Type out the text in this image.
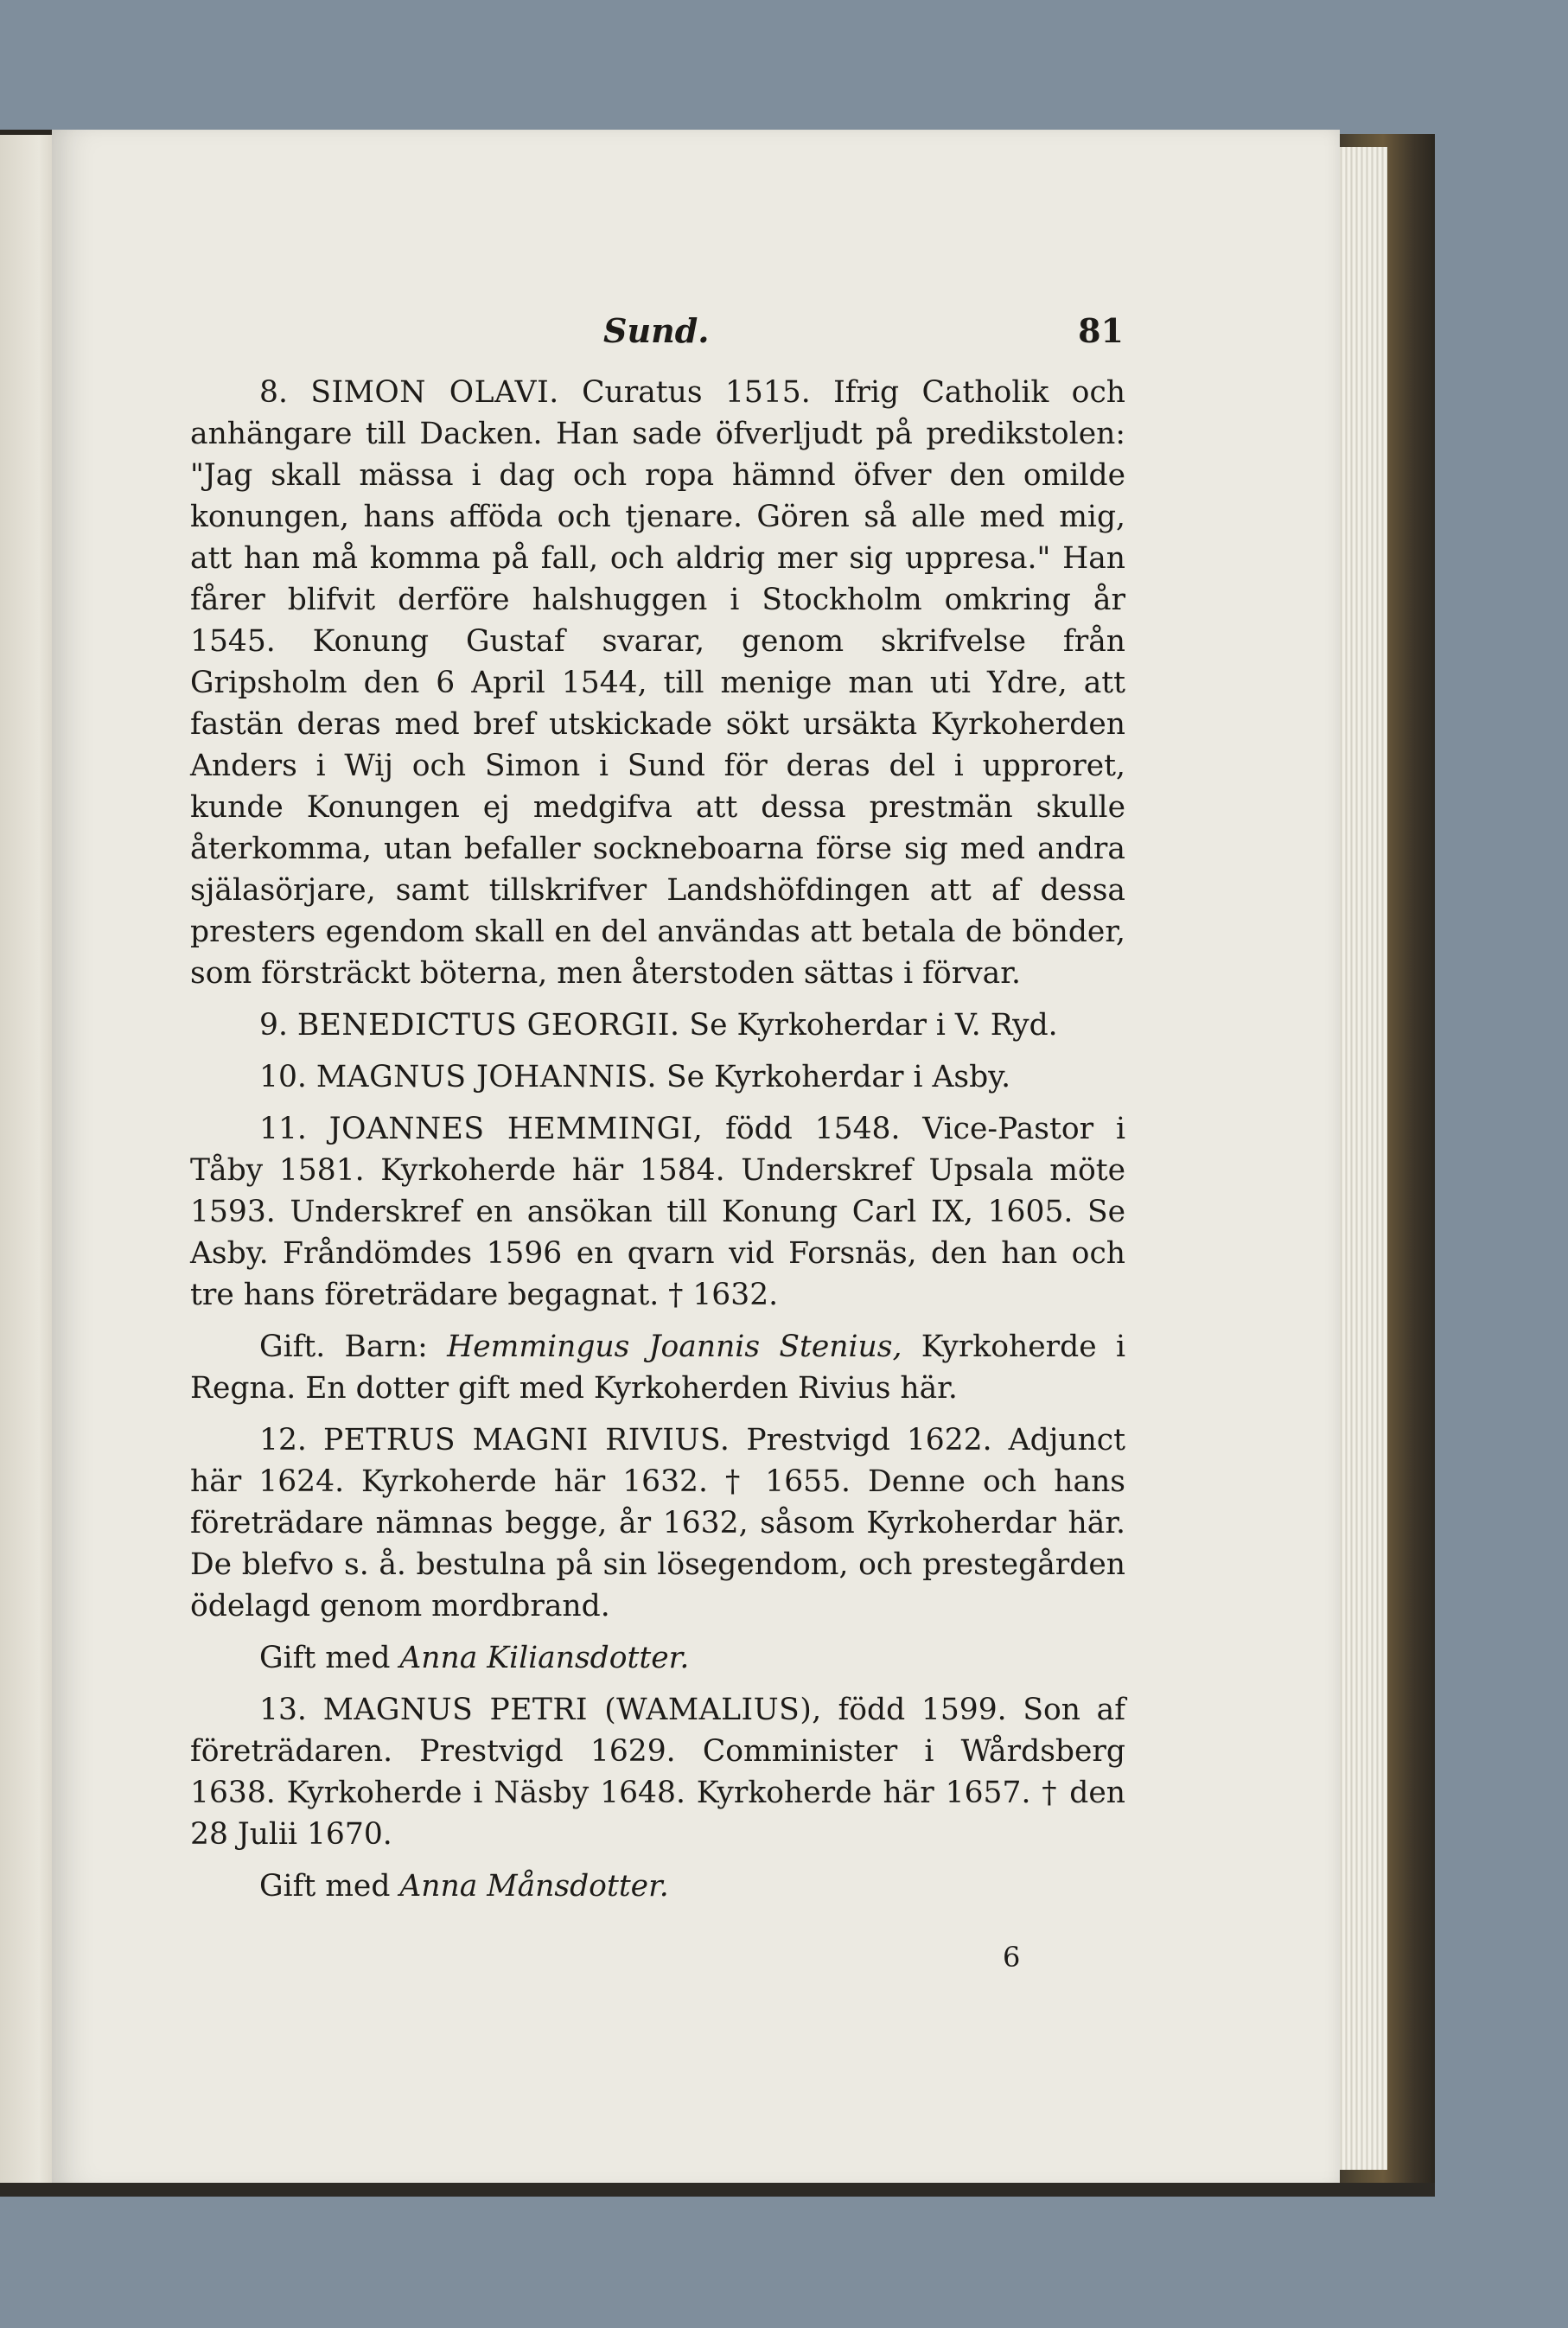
Sund.	81

8. SIMON OLAVI. Curatus 1515. Ifrig Catholik och anhängare till Dacken. Han sade öfverljudt på predikstolen: "Jag skall mässa i dag och ropa hämnd öfver den omilde konungen, hans afföda och tjenare. Gören så alle med mig, att han må komma på fall, och aldrig mer sig uppresa." Han fårer blifvit derföre halshuggen i Stockholm omkring år 1545. Konung Gustaf svarar, genom skrifvelse från Gripsholm den 6 April 1544, till menige man uti Ydre, att fastän deras med bref utskickade sökt ursäkta Kyrkoherden Anders i Wij och Simon i Sund för deras del i upproret, kunde Konungen ej medgifva att dessa prestmän skulle återkomma, utan befaller sockneboarna förse sig med andra själasörjare, samt tillskrifver Landshöfdingen att af dessa presters egendom skall en del användas att betala de bönder, som försträckt böterna, men återstoden sättas i förvar.

9. BENEDICTUS GEORGII. Se Kyrkoherdar i V. Ryd.

10. MAGNUS JOHANNIS. Se Kyrkoherdar i Asby.

11. JOANNES HEMMINGI, född 1548. Vice-Pastor i Tåby 1581. Kyrkoherde här 1584. Underskref Upsala möte 1593. Underskref en ansökan till Konung Carl IX, 1605. Se Asby. Fråndömdes 1596 en qvarn vid Forsnäs, den han och tre hans företrädare begagnat. † 1632.

Gift. Barn: Hemmingus Joannis Stenius, Kyrkoherde i Regna. En dotter gift med Kyrkoherden Rivius här.

12. PETRUS MAGNI RIVIUS. Prestvigd 1622. Adjunct här 1624. Kyrkoherde här 1632. † 1655. Denne och hans företrädare nämnas begge, år 1632, såsom Kyrkoherdar här. De blefvo s. å. bestulna på sin lösegendom, och prestegården ödelagd genom mordbrand.

Gift med Anna Kiliansdotter.

13. MAGNUS PETRI (WAMALIUS), född 1599. Son af företrädaren. Prestvigd 1629. Comminister i Wårdsberg 1638. Kyrkoherde i Näsby 1648. Kyrkoherde här 1657. † den 28 Julii 1670.

Gift med Anna Månsdotter.

6
